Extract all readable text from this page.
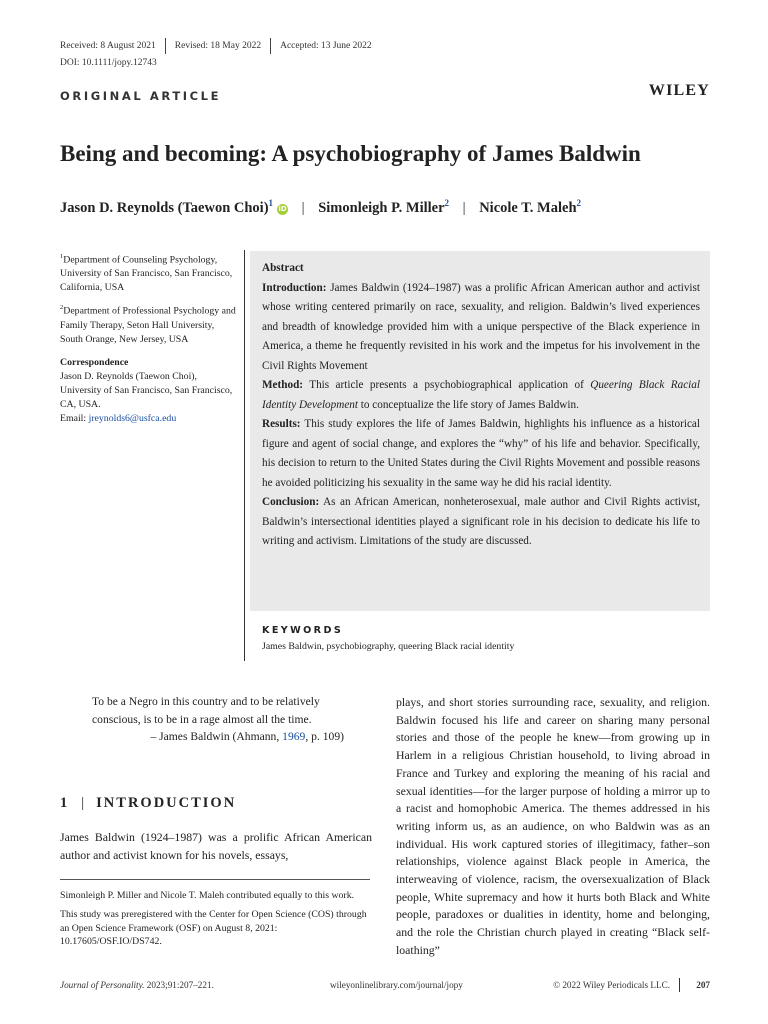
Received: 8 August 2021 Revised: 18 May 2022 Accepted: 13 June 2022
DOI: 10.1111/jopy.12743
ORIGINAL ARTICLE	WILEY
Being and becoming: A psychobiography of James Baldwin
Jason D. Reynolds (Taewon Choi)$^1$iD | Simonleigh P. Miller$^2$ | Nicole T. Maleh$^2$

$^1$Department of Counseling Psychology, University of San Francisco, San Francisco, California, USA

$^2$Department of Professional Psychology and Family Therapy, Seton Hall University, South Orange, New Jersey, USA

Correspondence

Jason D. Reynolds (Taewon Choi), University of San Francisco, San Francisco, CA, USA.
Email: jreynolds6@usfca.edu

Abstract

Introduction: James Baldwin (1924–1987) was a prolific African American author and activist whose writing centered primarily on race, sexuality, and religion. Baldwin’s lived experiences and breadth of knowledge provided him with a unique perspective of the Black experience in America, a theme he frequently revisited in his work and the impetus for his involvement in the Civil Rights Movement

Method: This article presents a psychobiographical application of Queering Black Racial Identity Development to conceptualize the life story of James Baldwin.

Results: This study explores the life of James Baldwin, highlights his influence as a historical figure and agent of social change, and explores the “why” of his life and behavior. Specifically, his decision to return to the United States during the Civil Rights Movement and possible reasons he avoided politicizing his sexuality in the same way he did his racial identity.

Conclusion: As an African American, nonheterosexual, male author and Civil Rights activist, Baldwin’s intersectional identities played a significant role in his decision to dedicate his life to writing and activism. Limitations of the study are discussed.

KEYWORDS
James Baldwin, psychobiography, queering Black racial identity

To be a Negro in this country and to be relatively conscious, is to be in a rage almost all the time.

– James Baldwin (Ahmann, 1969, p. 109)

1 | INTRODUCTION

James Baldwin (1924–1987) was a prolific African American author and activist known for his novels, essays,

Simonleigh P. Miller and Nicole T. Maleh contributed equally to this work.

This study was preregistered with the Center for Open Science (COS) through an Open Science Framework (OSF) on August 8, 2021: 10.17605/OSF.IO/DS742.

plays, and short stories surrounding race, sexuality, and religion. Baldwin focused his life and career on sharing many personal stories and those of the people he knew—from growing up in Harlem in a religious Christian household, to living abroad in France and Turkey and exploring the meaning of his racial and sexual identities—for the larger purpose of holding a mirror up to a racist and homophobic America. The themes addressed in his writing inform us, as an audience, on who Baldwin was as an individual. His work captured stories of illegitimacy, father–son relationships, violence against Black people in America, the interweaving of violence, racism, the oversexualization of Black people, White supremacy and how it hurts both Black and White people, paradoxes or dualities in identity, home and belonging, and the role the Christian church played in creating “Black self-loathing”

Journal of Personality. 2023;91:207–221.	wileyonlinelibrary.com/journal/jopy	© 2022 Wiley Periodicals LLC.	207
